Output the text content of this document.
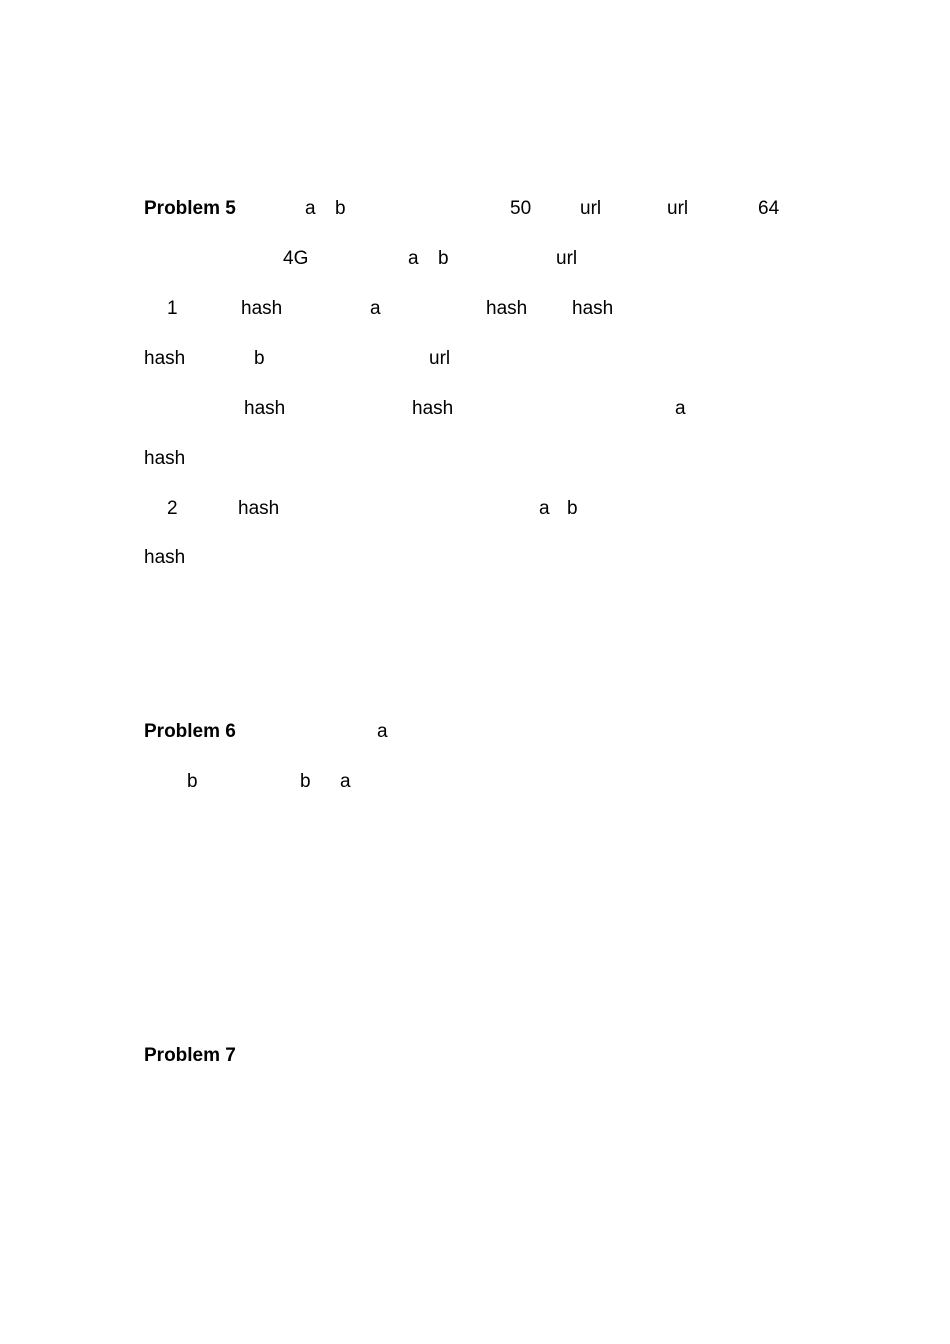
Problem 5	a b	50	url	url	64
4G	a b	url
1	hash	a	hash hash
hash	b	url
hash	hash	a
hash
2	hash	a b
hash
Problem 6	a
b	b a
Problem 7
